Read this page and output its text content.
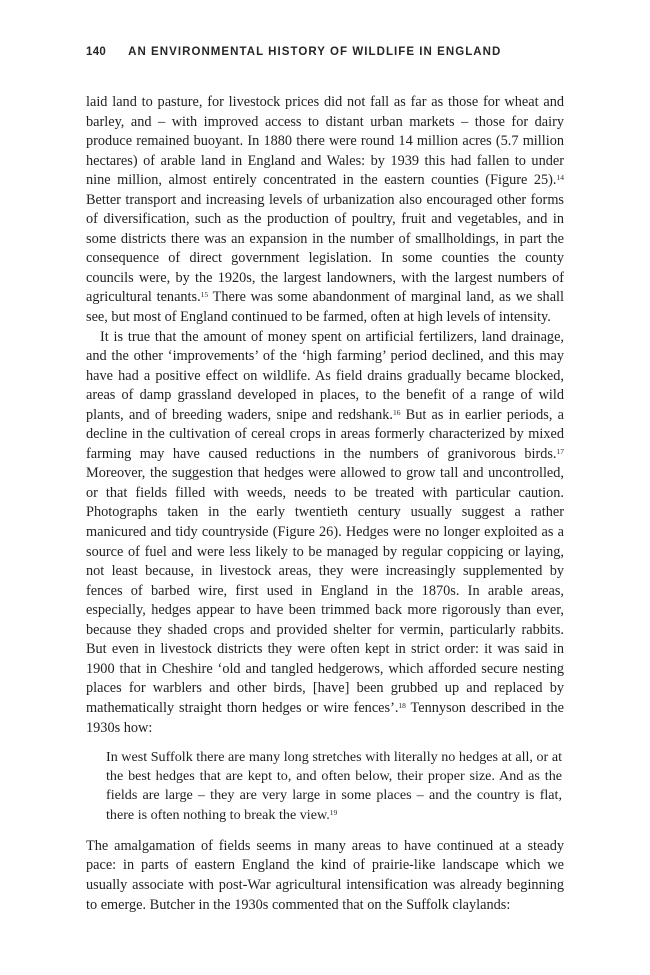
140 AN ENVIRONMENTAL HISTORY OF WILDLIFE IN ENGLAND

laid land to pasture, for livestock prices did not fall as far as those for wheat and barley, and – with improved access to distant urban markets – those for dairy produce remained buoyant. In 1880 there were round 14 million acres (5.7 million hectares) of arable land in England and Wales: by 1939 this had fallen to under nine million, almost entirely concentrated in the eastern counties (Figure 25).$^{14}$ Better transport and increasing levels of urbanization also encouraged other forms of diversification, such as the production of poultry, fruit and vegetables, and in some districts there was an expansion in the number of smallholdings, in part the consequence of direct government legislation. In some counties the county councils were, by the 1920s, the largest landowners, with the largest numbers of agricultural tenants.$^{15}$ There was some abandonment of marginal land, as we shall see, but most of England continued to be farmed, often at high levels of intensity.

It is true that the amount of money spent on artificial fertilizers, land drainage, and the other ‘improvements’ of the ‘high farming’ period declined, and this may have had a positive effect on wildlife. As field drains gradually became blocked, areas of damp grassland developed in places, to the benefit of a range of wild plants, and of breeding waders, snipe and redshank.$^{16}$ But as in earlier periods, a decline in the cultivation of cereal crops in areas formerly characterized by mixed farming may have caused reductions in the numbers of granivorous birds.$^{17}$ Moreover, the suggestion that hedges were allowed to grow tall and uncontrolled, or that fields filled with weeds, needs to be treated with particular caution. Photographs taken in the early twentieth century usually suggest a rather manicured and tidy countryside (Figure 26). Hedges were no longer exploited as a source of fuel and were less likely to be managed by regular coppicing or laying, not least because, in livestock areas, they were increasingly supplemented by fences of barbed wire, first used in England in the 1870s. In arable areas, especially, hedges appear to have been trimmed back more rigorously than ever, because they shaded crops and provided shelter for vermin, particularly rabbits. But even in livestock districts they were often kept in strict order: it was said in 1900 that in Cheshire ‘old and tangled hedgerows, which afforded secure nesting places for warblers and other birds, [have] been grubbed up and replaced by mathematically straight thorn hedges or wire fences’.$^{18}$ Tennyson described in the 1930s how:

In west Suffolk there are many long stretches with literally no hedges at all, or at the best hedges that are kept to, and often below, their proper size. And as the fields are large – they are very large in some places – and the country is flat, there is often nothing to break the view.$^{19}$

The amalgamation of fields seems in many areas to have continued at a steady pace: in parts of eastern England the kind of prairie-like landscape which we usually associate with post-War agricultural intensification was already beginning to emerge. Butcher in the 1930s commented that on the Suffolk claylands:
